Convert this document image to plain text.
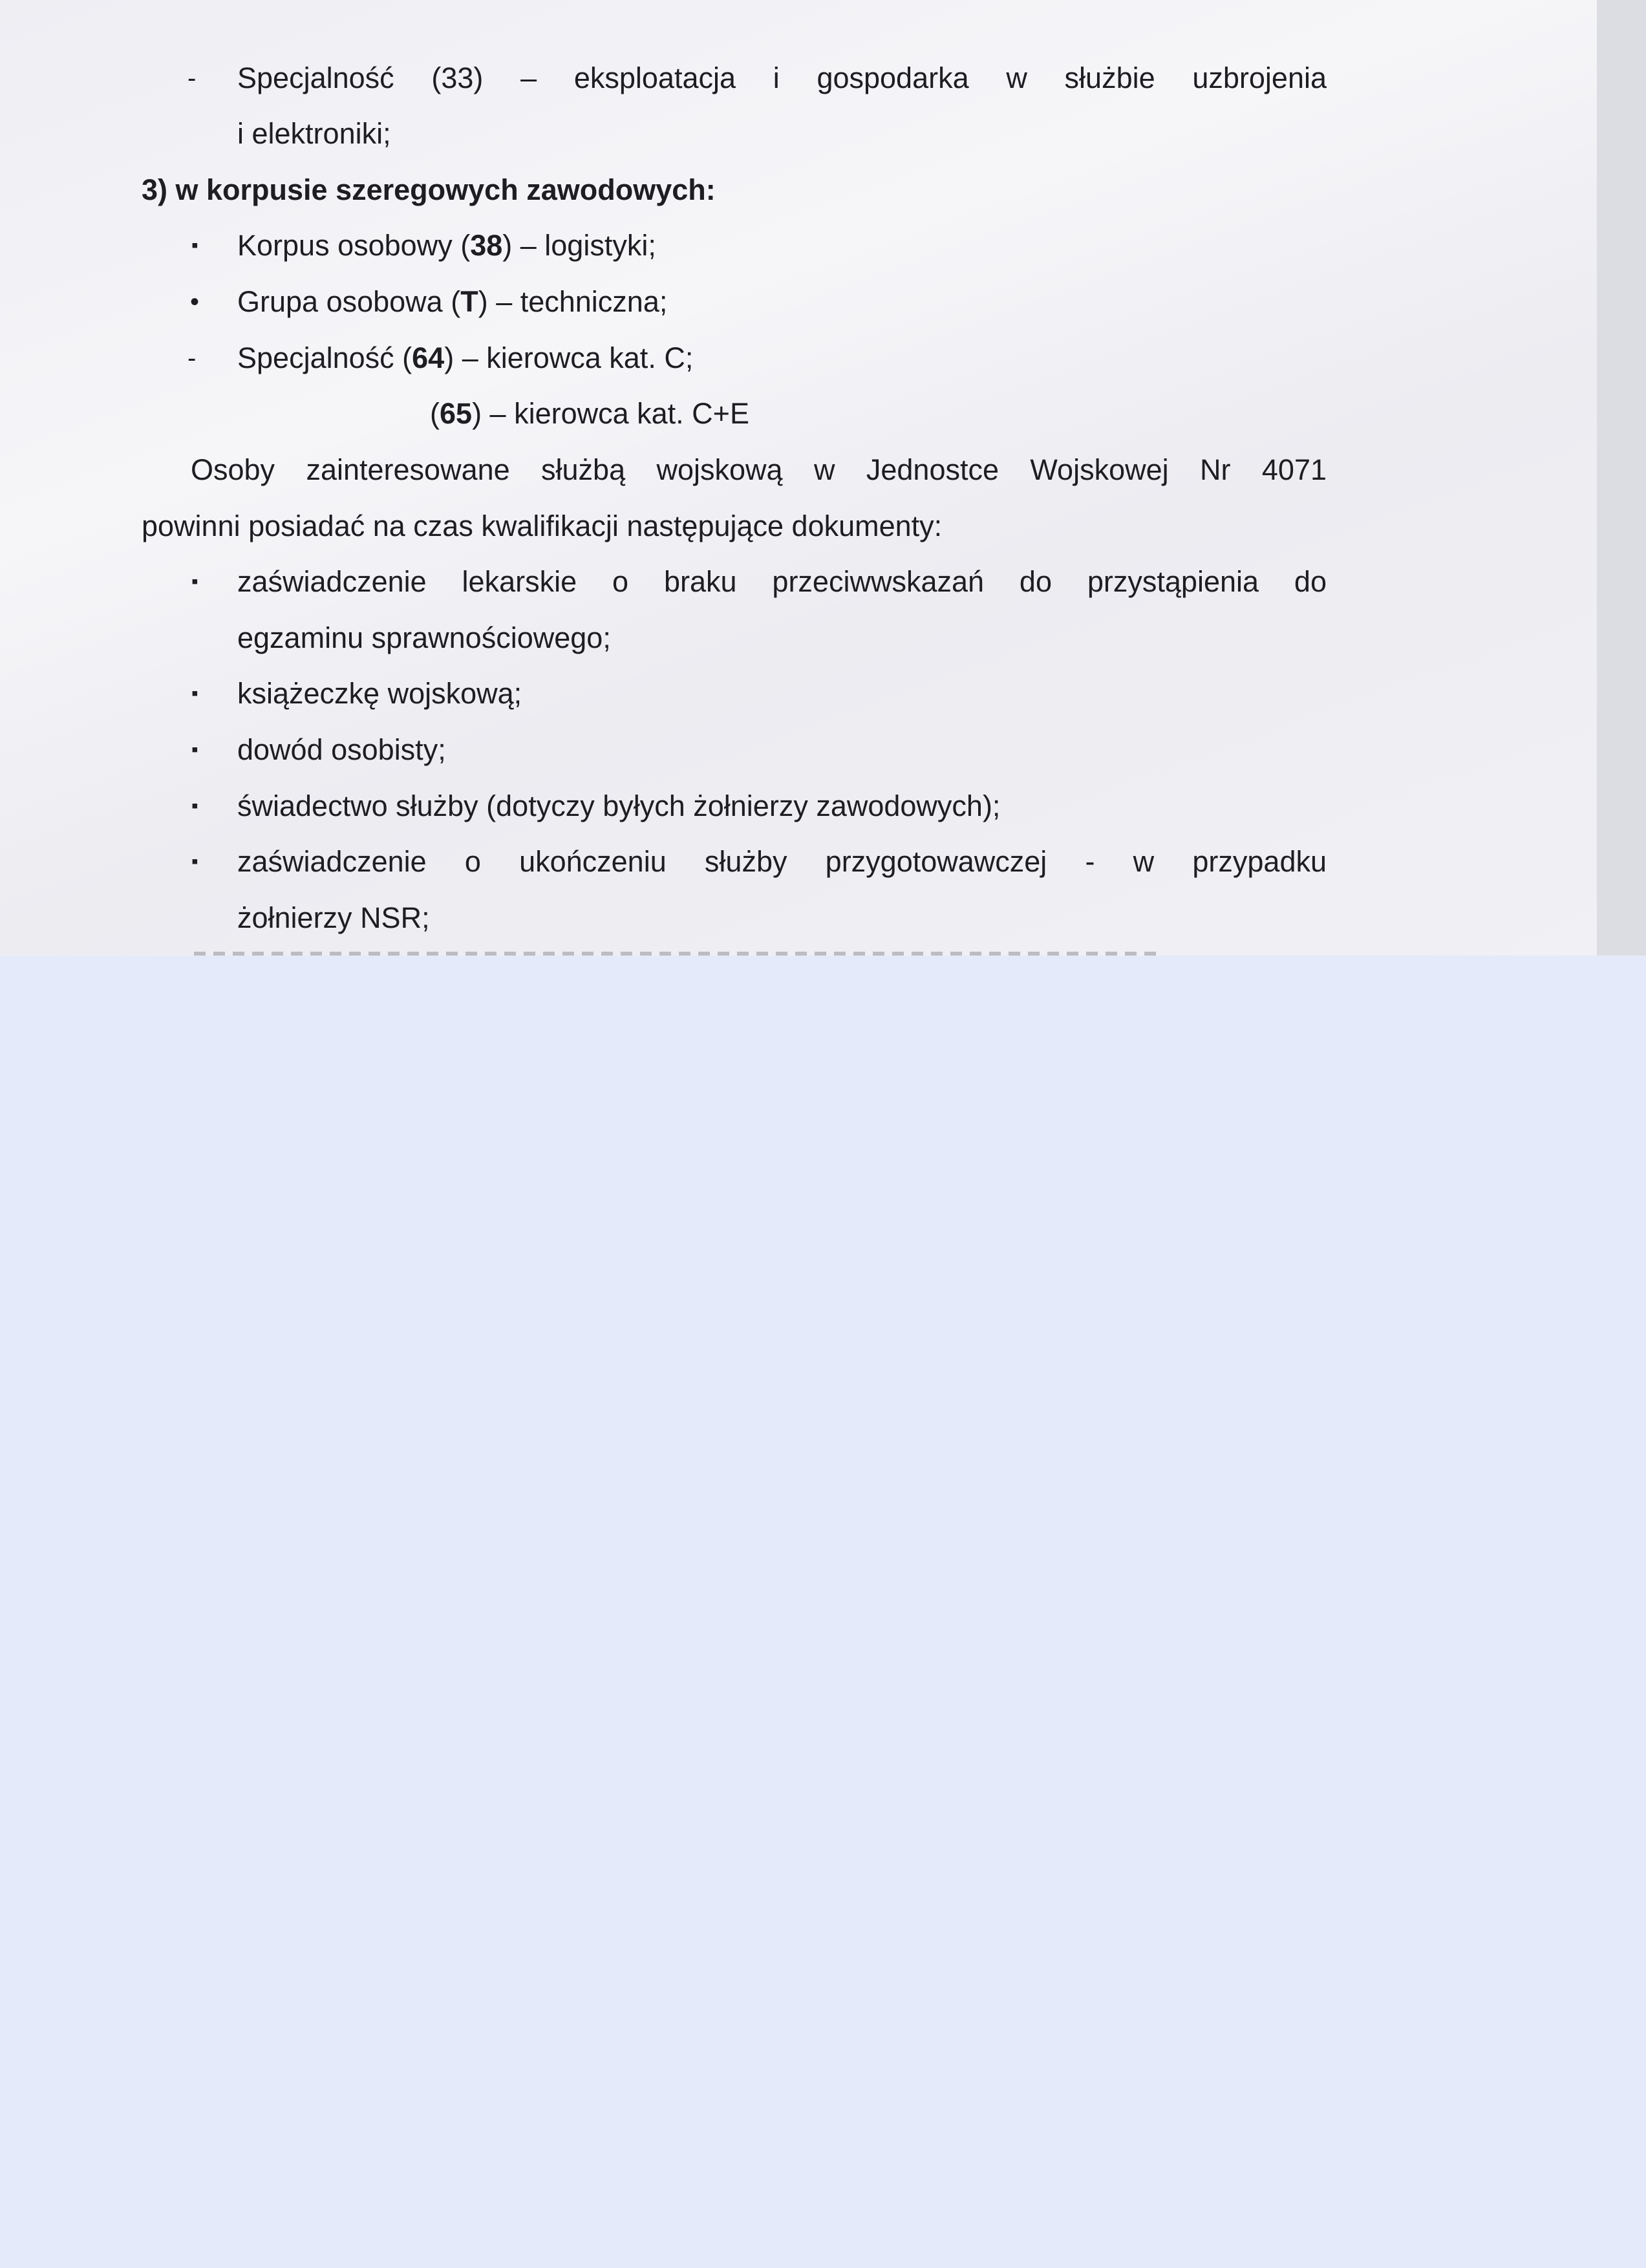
- Specjalność (33) – eksploatacja i gospodarka w służbie uzbrojenia
i elektroniki;
3) w korpusie szeregowych zawodowych:
▪ Korpus osobowy (38) – logistyki;
• Grupa osobowa (T) – techniczna;
- Specjalność (64) – kierowca kat. C;
(65) – kierowca kat. C+E
Osoby zainteresowane służbą wojskową w Jednostce Wojskowej Nr 4071
powinni posiadać na czas kwalifikacji następujące dokumenty:
▪ zaświadczenie lekarskie o braku przeciwwskazań do przystąpienia do
egzaminu sprawnościowego;
▪ książeczkę wojskową;
▪ dowód osobisty;
▪ świadectwo służby (dotyczy byłych żołnierzy zawodowych);
▪ zaświadczenie o ukończeniu służby przygotowawczej - w przypadku
żołnierzy NSR;
